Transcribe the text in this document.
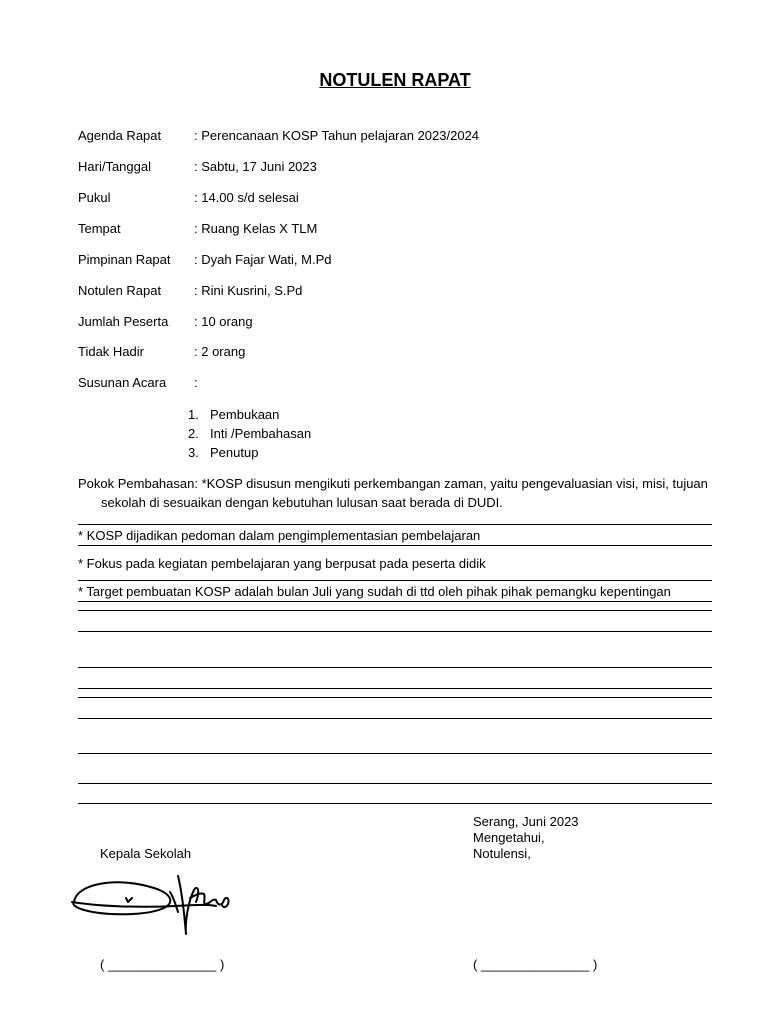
NOTULEN RAPAT
Agenda Rapat	: Perencanaan KOSP Tahun pelajaran 2023/2024
Hari/Tanggal	: Sabtu, 17 Juni 2023
Pukul	: 14.00 s/d selesai
Tempat	: Ruang Kelas X TLM
Pimpinan Rapat	: Dyah Fajar Wati, M.Pd
Notulen Rapat	: Rini Kusrini, S.Pd
Jumlah Peserta	: 10 orang
Tidak Hadir	: 2 orang
Susunan Acara	:
1. Pembukaan
2. Inti /Pembahasan
3. Penutup
Pokok Pembahasan: *KOSP disusun mengikuti perkembangan zaman, yaitu pengevaluasian visi, misi, tujuan
sekolah di sesuaikan dengan kebutuhan lulusan saat berada di DUDI.
* KOSP dijadikan pedoman dalam pengimplementasian pembelajaran
* Fokus pada kegiatan pembelajaran yang berpusat pada peserta didik
* Target pembuatan KOSP adalah bulan Juli yang sudah di ttd oleh pihak pihak pemangku kepentingan
Serang, Juni 2023
Mengetahui,
Notulensi,
Kepala Sekolah
( _______________ )	( _______________ )
